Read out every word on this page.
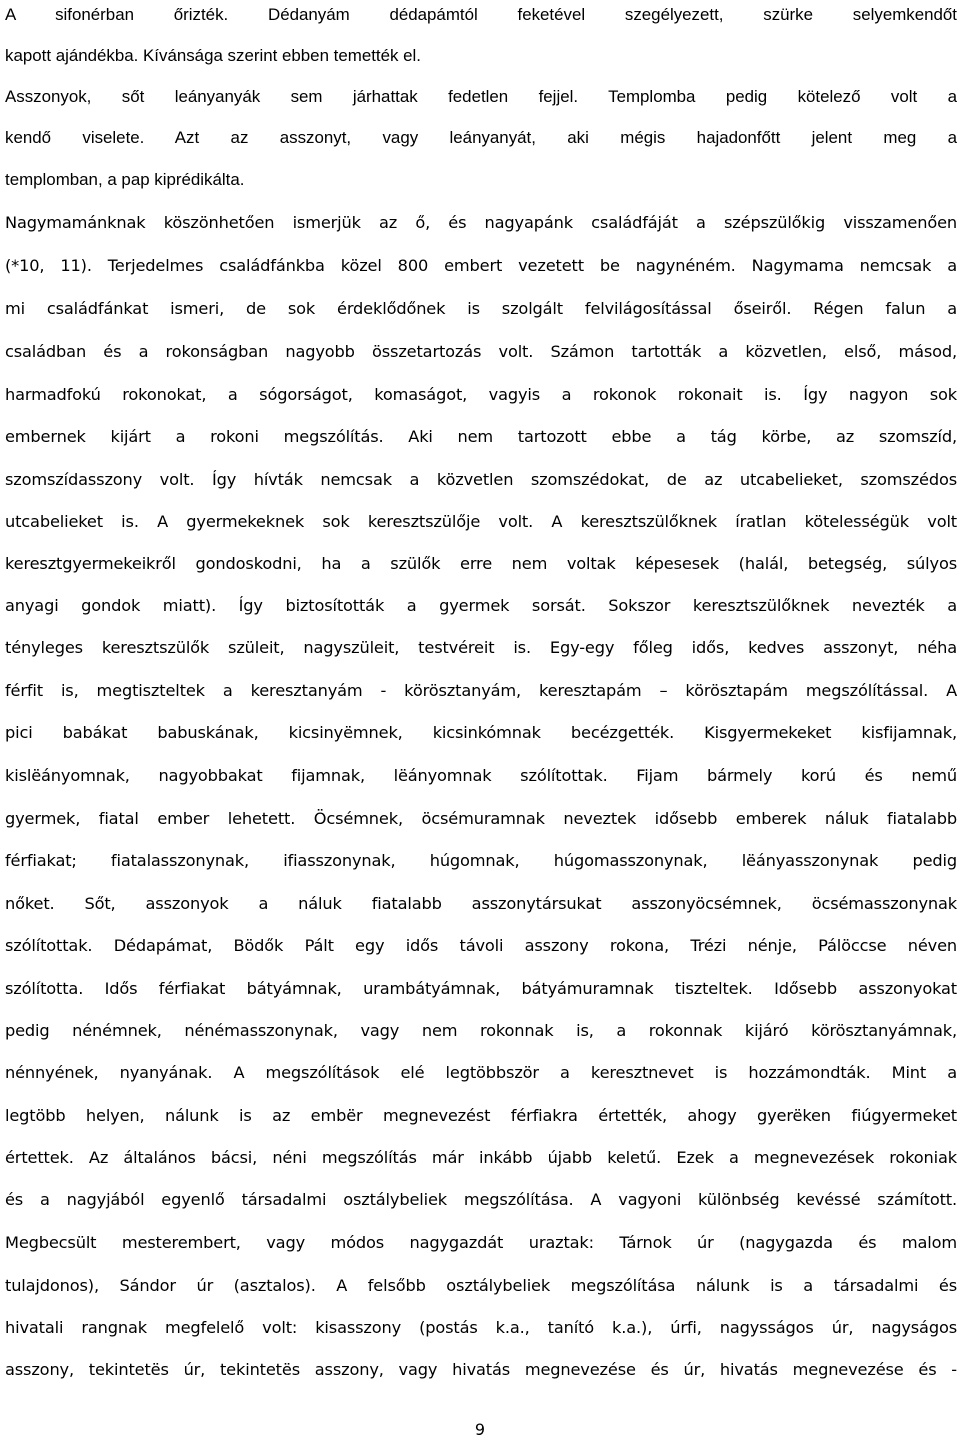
A sifonérban őrizték. Dédanyám dédapámtól feketével szegélyezett, szürke selyemkendőt
kapott ajándékba. Kívánsága szerint ebben temették el.
Asszonyok, sőt leányanyák sem járhattak fedetlen fejjel. Templomba pedig kötelező volt a
kendő viselete. Azt az asszonyt, vagy leányanyát, aki mégis hajadonfőtt jelent meg a
templomban, a pap kiprédikálta.
Nagymamánknak köszönhetően ismerjük az ő, és nagyapánk családfáját a szépszülőkig visszamenően
(*10, 11). Terjedelmes családfánkba közel 800 embert vezetett be nagynéném. Nagymama nemcsak a
mi családfánkat ismeri, de sok érdeklődőnek is szolgált felvilágosítással őseiről. Régen falun a
családban és a rokonságban nagyobb összetartozás volt. Számon tartották a közvetlen, első, másod,
harmadfokú rokonokat, a sógorságot, komaságot, vagyis a rokonok rokonait is. Így nagyon sok
embernek kijárt a rokoni megszólítás. Aki nem tartozott ebbe a tág körbe, az szomszíd,
szomszídasszony volt. Így hívták nemcsak a közvetlen szomszédokat, de az utcabelieket, szomszédos
utcabelieket is. A gyermekeknek sok keresztszülője volt. A keresztszülőknek íratlan kötelességük volt
keresztgyermekeikről gondoskodni, ha a szülők erre nem voltak képesesek (halál, betegség, súlyos
anyagi gondok miatt). Így biztosították a gyermek sorsát. Sokszor keresztszülőknek nevezték a
tényleges keresztszülők szüleit, nagyszüleit, testvéreit is. Egy-egy főleg idős, kedves asszonyt, néha
férfit is, megtiszteltek a keresztanyám - körösztanyám, keresztapám – körösztapám megszólítással. A
pici babákat babuskának, kicsinyëmnek, kicsinkómnak becézgették. Kisgyermekeket kisfijamnak,
kislëányomnak, nagyobbakat fijamnak, lëányomnak szólítottak. Fijam bármely korú és nemű
gyermek, fiatal ember lehetett. Öcsémnek, öcsémuramnak neveztek idősebb emberek náluk fiatalabb
férfiakat; fiatalasszonynak, ifiasszonynak, húgomnak, húgomasszonynak, lëányasszonynak pedig
nőket. Sőt, asszonyok a náluk fiatalabb asszonytársukat asszonyöcsémnek, öcsémasszonynak
szólítottak. Dédapámat, Bödők Pált egy idős távoli asszony rokona, Trézi nénje, Pálöccse néven
szólította. Idős férfiakat bátyámnak, urambátyámnak, bátyámuramnak tiszteltek. Idősebb asszonyokat
pedig nénémnek, nénémasszonynak, vagy nem rokonnak is, a rokonnak kijáró körösztanyámnak,
nénnyének, nyanyának. A megszólítások elé legtöbbször a keresztnevet is hozzámondták. Mint a
legtöbb helyen, nálunk is az embër megnevezést férfiakra értették, ahogy gyerëken fiúgyermeket
értettek. Az általános bácsi, néni megszólítás már inkább újabb keletű. Ezek a megnevezések rokoniak
és a nagyjából egyenlő társadalmi osztálybeliek megszólítása. A vagyoni különbség kevéssé számított.
Megbecsült mesterembert, vagy módos nagygazdát uraztak: Tárnok úr (nagygazda és malom
tulajdonos), Sándor úr (asztalos). A felsőbb osztálybeliek megszólítása nálunk is a társadalmi és
hivatali rangnak megfelelő volt: kisasszony (postás k.a., tanító k.a.), úrfi, nagysságos úr, nagyságos
asszony, tekintetës úr, tekintetës asszony, vagy hivatás megnevezése és úr, hivatás megnevezése és -
9
